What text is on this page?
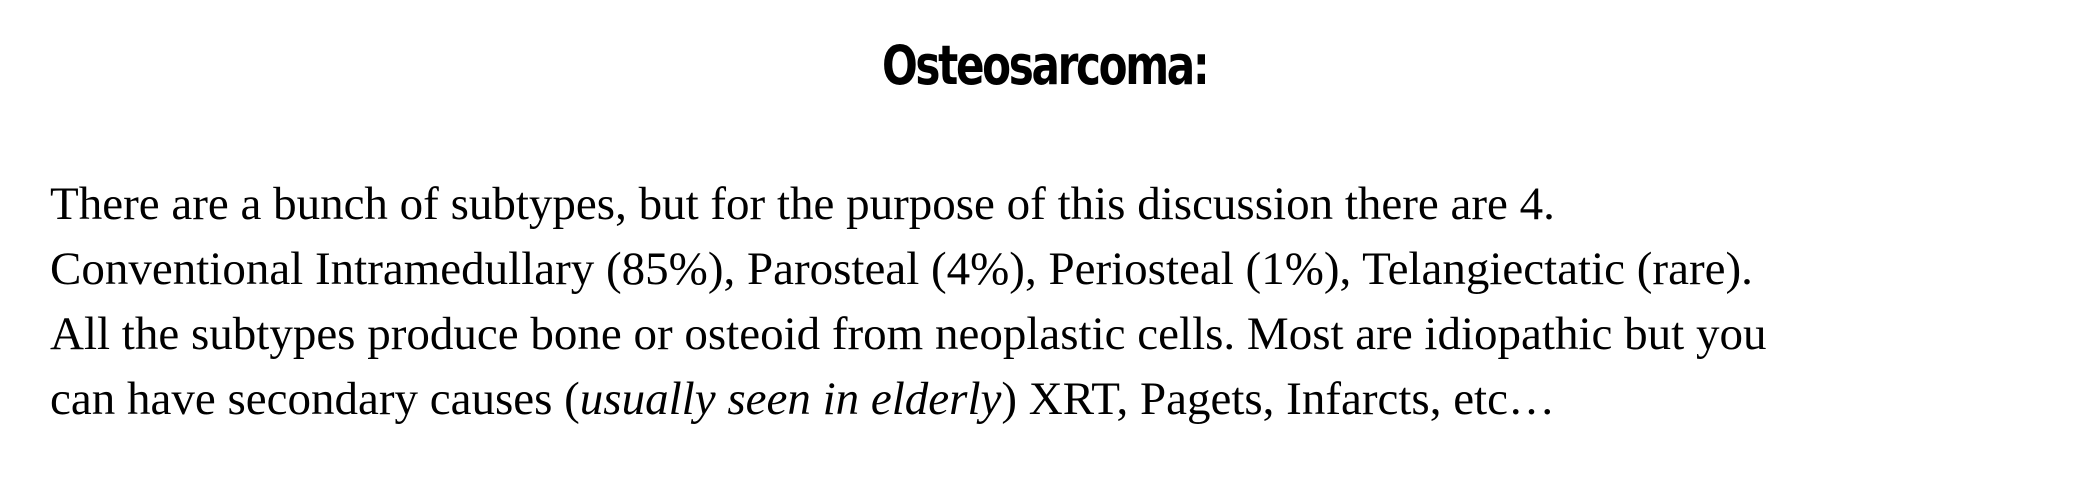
Osteosarcoma:

There are a bunch of subtypes, but for the purpose of this discussion there are 4.
Conventional Intramedullary (85%), Parosteal (4%), Periosteal (1%), Telangiectatic (rare).
All the subtypes produce bone or osteoid from neoplastic cells. Most are idiopathic but you
can have secondary causes (usually seen in elderly) XRT, Pagets, Infarcts, etc…
